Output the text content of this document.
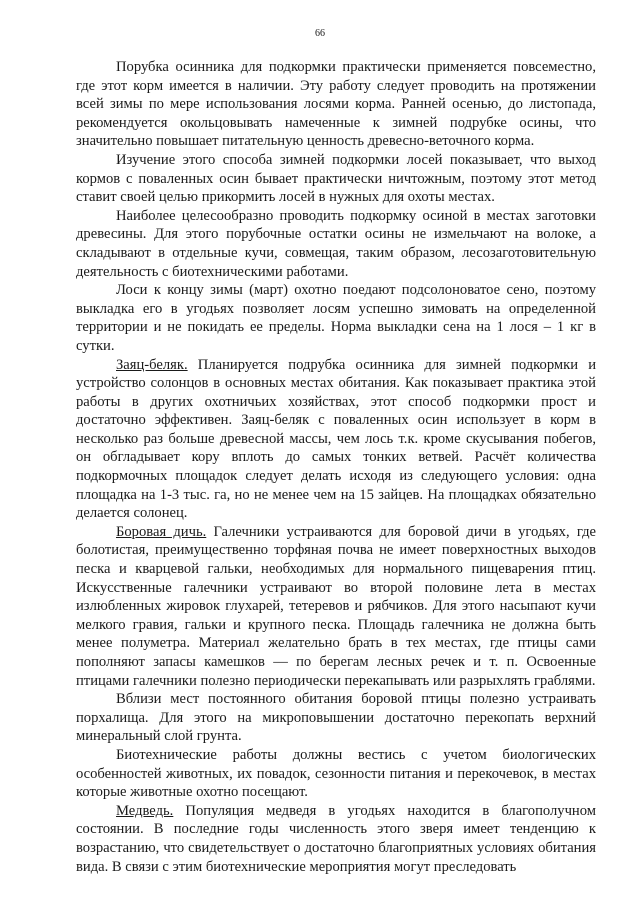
66

Порубка осинника для подкормки практически применяется повсеместно, где этот корм имеется в наличии. Эту работу следует проводить на протяжении всей зимы по мере использования лосями корма. Ранней осенью, до листопада, рекомендуется окольцовывать намеченные к зимней подрубке осины, что значительно повышает питательную ценность древесно-веточного корма.

Изучение этого способа зимней подкормки лосей показывает, что выход кормов с поваленных осин бывает практически ничтожным, поэтому этот метод ставит своей целью прикормить лосей в нужных для охоты местах.

Наиболее целесообразно проводить подкормку осиной в местах заготовки древесины. Для этого порубочные остатки осины не измельчают на волоке, а складывают в отдельные кучи, совмещая, таким образом, лесозаготовительную деятельность с биотехническими работами.

Лоси к концу зимы (март) охотно поедают подсолоноватое сено, поэтому выкладка его в угодьях позволяет лосям успешно зимовать на определенной территории и не покидать ее пределы. Норма выкладки сена на 1 лося – 1 кг в сутки.

Заяц-беляк. Планируется подрубка осинника для зимней подкормки и устройство солонцов в основных местах обитания. Как показывает практика этой работы в других охотничьих хозяйствах, этот способ подкормки прост и достаточно эффективен. Заяц-беляк с поваленных осин использует в корм в несколько раз больше древесной массы, чем лось т.к. кроме скусывания побегов, он обгладывает кору вплоть до самых тонких ветвей. Расчёт количества подкормочных площадок следует делать исходя из следующего условия: одна площадка на 1-3 тыс. га, но не менее чем на 15 зайцев. На площадках обязательно делается солонец.

Боровая дичь. Галечники устраиваются для боровой дичи в угодьях, где болотистая, преимущественно торфяная почва не имеет поверхностных выходов песка и кварцевой гальки, необходимых для нормального пищеварения птиц. Искусственные галечники устраивают во второй половине лета в местах излюбленных жировок глухарей, тетеревов и рябчиков. Для этого насыпают кучи мелкого гравия, гальки и крупного песка. Площадь галечника не должна быть менее полуметра. Материал желательно брать в тех местах, где птицы сами пополняют запасы камешков — по берегам лесных речек и т. п. Освоенные птицами галечники полезно периодически перекапывать или разрыхлять граблями.

Вблизи мест постоянного обитания боровой птицы полезно устраивать порхалища. Для этого на микроповышении достаточно перекопать верхний минеральный слой грунта.

Биотехнические работы должны вестись с учетом биологических особенностей животных, их повадок, сезонности питания и перекочевок, в местах которые животные охотно посещают.

Медведь. Популяция медведя в угодьях находится в благополучном состоянии. В последние годы численность этого зверя имеет тенденцию к возрастанию, что свидетельствует о достаточно благоприятных условиях обитания вида. В связи с этим биотехнические мероприятия могут преследовать
